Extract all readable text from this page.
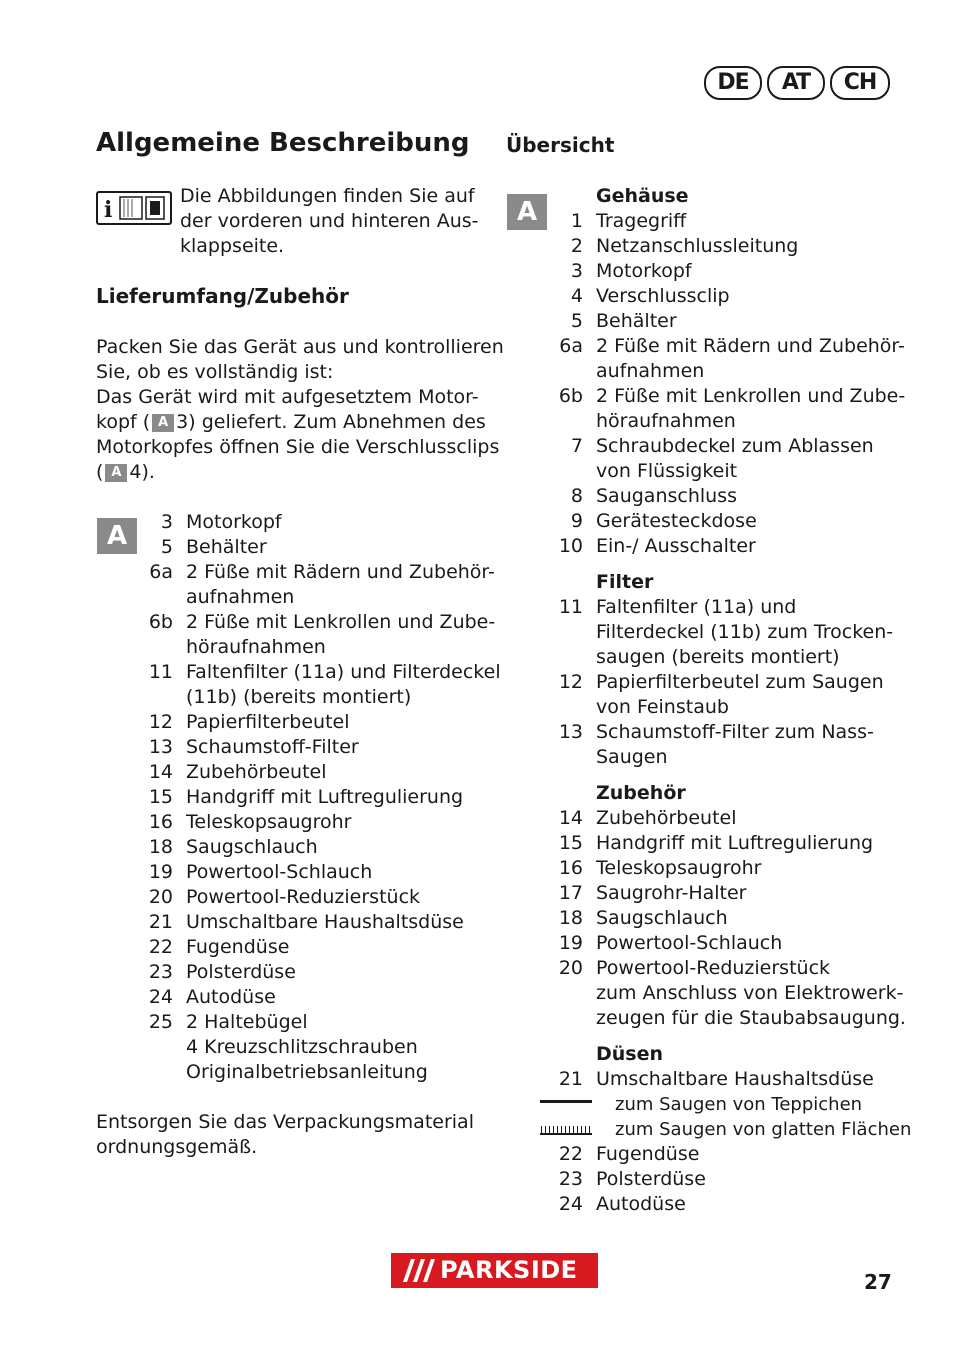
DE	AT	CH
Allgemeine Beschreibung
i
Die Abbildungen finden Sie auf
der vorderen und hinteren Aus-
klappseite.
Lieferumfang/Zubehör
Packen Sie das Gerät aus und kontrollieren
Sie, ob es vollständig ist:
Das Gerät wird mit aufgesetztem Motor-
kopf ( A 3) geliefert. Zum Abnehmen des
Motorkopfes öffnen Sie die Verschlussclips
( A 4).
A	3 Motorkopf
5 Behälter
6a 2 Füße mit Rädern und Zubehör-
aufnahmen
6b 2 Füße mit Lenkrollen und Zube-
höraufnahmen
11 Faltenfilter (11a) und Filterdeckel
(11b) (bereits montiert)
12 Papierfilterbeutel
13 Schaumstoff-Filter
14 Zubehörbeutel
15 Handgriff mit Luftregulierung
16 Teleskopsaugrohr
18 Saugschlauch
19 Powertool-Schlauch
20 Powertool-Reduzierstück
21 Umschaltbare Haushaltsdüse
22 Fugendüse
23 Polsterdüse
24 Autodüse
25 2 Haltebügel
4 Kreuzschlitzschrauben
Originalbetriebsanleitung
Entsorgen Sie das Verpackungsmaterial
ordnungsgemäß.
Übersicht
A
Gehäuse
1 Tragegriff
2 Netzanschlussleitung
3 Motorkopf
4 Verschlussclip
5 Behälter
6a 2 Füße mit Rädern und Zubehör-
aufnahmen
6b 2 Füße mit Lenkrollen und Zube-
höraufnahmen
7 Schraubdeckel zum Ablassen
von Flüssigkeit
8 Sauganschluss
9 Gerätesteckdose
10 Ein-/ Ausschalter
Filter
11 Faltenfilter (11a) und
Filterdeckel (11b) zum Trocken-
saugen (bereits montiert)
12 Papierfilterbeutel zum Saugen
von Feinstaub
13 Schaumstoff-Filter zum Nass-
Saugen
Zubehör
14 Zubehörbeutel
15 Handgriff mit Luftregulierung
16 Teleskopsaugrohr
17 Saugrohr-Halter
18 Saugschlauch
19 Powertool-Schlauch
20 Powertool-Reduzierstück
zum Anschluss von Elektrowerk-
zeugen für die Staubabsaugung.
Düsen
21 Umschaltbare Haushaltsdüse
zum Saugen von Teppichen
zum Saugen von glatten Flächen
22 Fugendüse
23 Polsterdüse
24 Autodüse
PARKSIDE	27
